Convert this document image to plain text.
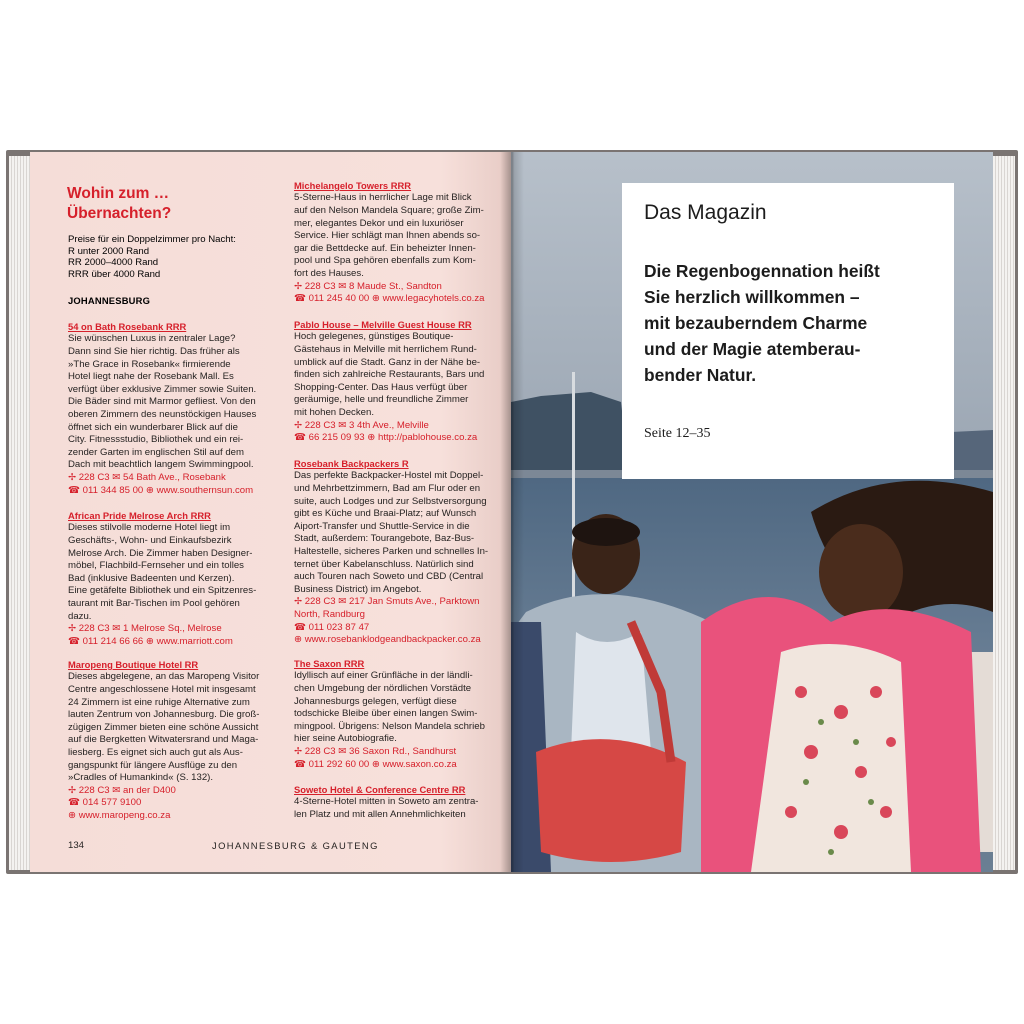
Wohin zum …
Übernachten?

Preise für ein Doppelzimmer pro Nacht:

R unter 2000 Rand

RR 2000–4000 Rand

RRR über 4000 Rand

JOHANNESBURG
54 on Bath Rosebank RRR
Sie wünschen Luxus in zentraler Lage?
Dann sind Sie hier richtig. Das früher als
»The Grace in Rosebank« firmierende
Hotel liegt nahe der Rosebank Mall. Es
verfügt über exklusive Zimmer sowie Suiten.
Die Bäder sind mit Marmor gefliest. Von den
oberen Zimmern des neunstöckigen Hauses
öffnet sich ein wunderbarer Blick auf die
City. Fitnessstudio, Bibliothek und ein rei-
zender Garten im englischen Stil auf dem
Dach mit beachtlich langem Swimmingpool.
✢ 228 C3 ✉ 54 Bath Ave., Rosebank
☎ 011 344 85 00 ⊕ www.southernsun.com
African Pride Melrose Arch RRR
Dieses stilvolle moderne Hotel liegt im
Geschäfts-, Wohn- und Einkaufsbezirk
Melrose Arch. Die Zimmer haben Designer-
möbel, Flachbild-Fernseher und ein tolles
Bad (inklusive Badeenten und Kerzen).
Eine getäfelte Bibliothek und ein Spitzenres-
taurant mit Bar-Tischen im Pool gehören
dazu.
✢ 228 C3 ✉ 1 Melrose Sq., Melrose
☎ 011 214 66 66 ⊕ www.marriott.com
Maropeng Boutique Hotel RR
Dieses abgelegene, an das Maropeng Visitor
Centre angeschlossene Hotel mit insgesamt
24 Zimmern ist eine ruhige Alternative zum
lauten Zentrum von Johannesburg. Die groß-
zügigen Zimmer bieten eine schöne Aussicht
auf die Bergketten Witwatersrand und Maga-
liesberg. Es eignet sich auch gut als Aus-
gangspunkt für längere Ausflüge zu den
»Cradles of Humankind« (S. 132).
✢ 228 C3 ✉ an der D400
☎ 014 577 9100
⊕ www.maropeng.co.za
Michelangelo Towers RRR
5-Sterne-Haus in herrlicher Lage mit Blick
auf den Nelson Mandela Square; große Zim-
mer, elegantes Dekor und ein luxuriöser
Service. Hier schlägt man Ihnen abends so-
gar die Bettdecke auf. Ein beheizter Innen-
pool und Spa gehören ebenfalls zum Kom-
fort des Hauses.
✢ 228 C3 ✉ 8 Maude St., Sandton
☎ 011 245 40 00 ⊕ www.legacyhotels.co.za
Pablo House – Melville Guest House RR
Hoch gelegenes, günstiges Boutique-
Gästehaus in Melville mit herrlichem Rund-
umblick auf die Stadt. Ganz in der Nähe be-
finden sich zahlreiche Restaurants, Bars und
Shopping-Center. Das Haus verfügt über
geräumige, helle und freundliche Zimmer
mit hohen Decken.
✢ 228 C3 ✉ 3 4th Ave., Melville
☎ 66 215 09 93 ⊕ http://pablohouse.co.za
Rosebank Backpackers R
Das perfekte Backpacker-Hostel mit Doppel-
und Mehrbettzimmern, Bad am Flur oder en
suite, auch Lodges und zur Selbstversorgung
gibt es Küche und Braai-Platz; auf Wunsch
Aiport-Transfer und Shuttle-Service in die
Stadt, außerdem: Tourangebote, Baz-Bus-
Haltestelle, sicheres Parken und schnelles In-
ternet über Kabelanschluss. Natürlich sind
auch Touren nach Soweto und CBD (Central
Business District) im Angebot.
✢ 228 C3 ✉ 217 Jan Smuts Ave., Parktown
North, Randburg
☎ 011 023 87 47
⊕ www.rosebanklodgeandbackpacker.co.za
The Saxon RRR
Idyllisch auf einer Grünfläche in der ländli-
chen Umgebung der nördlichen Vorstädte
Johannesburgs gelegen, verfügt diese
todschicke Bleibe über einen langen Swim-
mingpool. Übrigens: Nelson Mandela schrieb
hier seine Autobiografie.
✢ 228 C3 ✉ 36 Saxon Rd., Sandhurst
☎ 011 292 60 00 ⊕ www.saxon.co.za
Soweto Hotel & Conference Centre RR
4-Sterne-Hotel mitten in Soweto am zentra-
len Platz und mit allen Annehmlichkeiten
134	JOHANNESBURG & GAUTENG
Das Magazin
Die Regenbogennation heißt
Sie herzlich willkommen –
mit bezauberndem Charme
und der Magie atemberau-
bender Natur.
Seite 12–35
